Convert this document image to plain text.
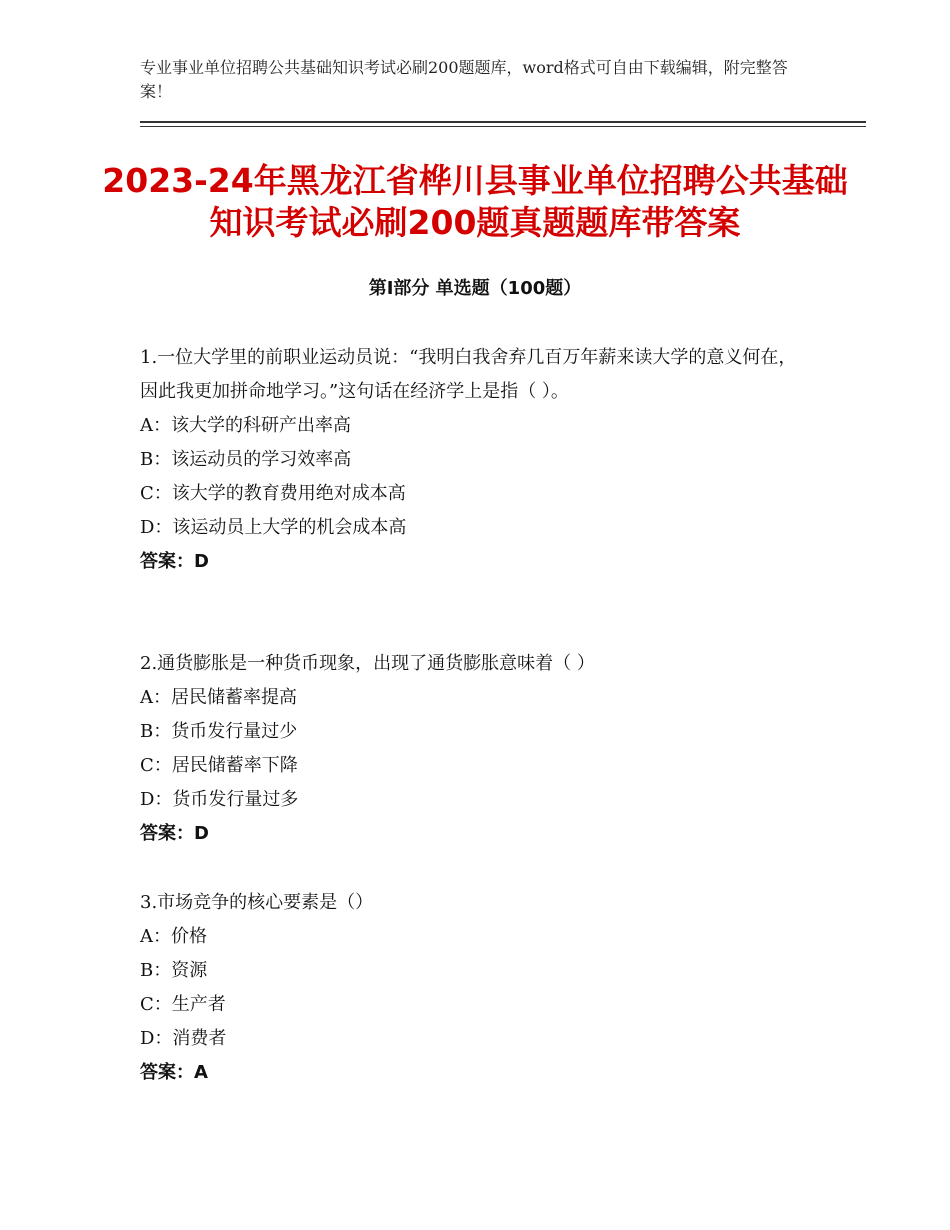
专业事业单位招聘公共基础知识考试必刷200题题库，word格式可自由下载编辑，附完整答案！
2023-24年黑龙江省桦川县事业单位招聘公共基础知识考试必刷200题真题题库带答案
第Ⅰ部分 单选题（100题）

1.一位大学里的前职业运动员说：“我明白我舍弃几百万年薪来读大学的意义何在，因此我更加拼命地学习。”这句话在经济学上是指（ ）。

A：该大学的科研产出率高

B：该运动员的学习效率高

C：该大学的教育费用绝对成本高

D：该运动员上大学的机会成本高

答案：D

2.通货膨胀是一种货币现象，出现了通货膨胀意味着（ ）

A：居民储蓄率提高

B：货币发行量过少

C：居民储蓄率下降

D：货币发行量过多

答案：D

3.市场竞争的核心要素是（）

A：价格

B：资源

C：生产者

D：消费者

答案：A
